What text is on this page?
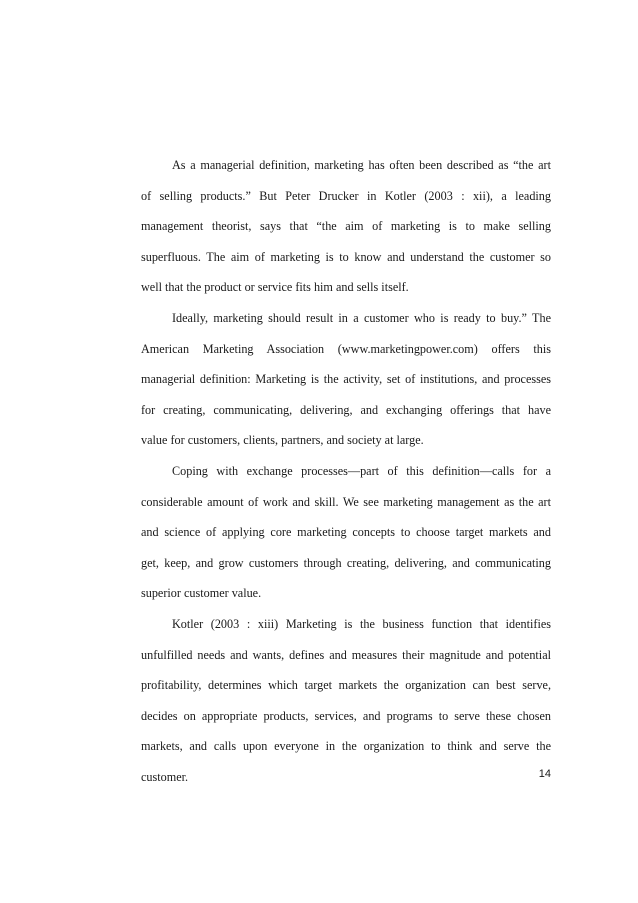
As a managerial definition, marketing has often been described as “the art
of selling products.” But Peter Drucker in Kotler (2003 : xii), a leading
management theorist, says that “the aim of marketing is to make selling
superfluous. The aim of marketing is to know and understand the customer so
well that the product or service fits him and sells itself.
Ideally, marketing should result in a customer who is ready to buy.” The
American Marketing Association (www.marketingpower.com) offers this
managerial definition: Marketing is the activity, set of institutions, and processes
for creating, communicating, delivering, and exchanging offerings that have
value for customers, clients, partners, and society at large.
Coping with exchange processes—part of this definition—calls for a
considerable amount of work and skill. We see marketing management as the art
and science of applying core marketing concepts to choose target markets and
get, keep, and grow customers through creating, delivering, and communicating
superior customer value.
Kotler (2003 : xiii) Marketing is the business function that identifies
unfulfilled needs and wants, defines and measures their magnitude and potential
profitability, determines which target markets the organization can best serve,
decides on appropriate products, services, and programs to serve these chosen
markets, and calls upon everyone in the organization to think and serve the
customer.	14
